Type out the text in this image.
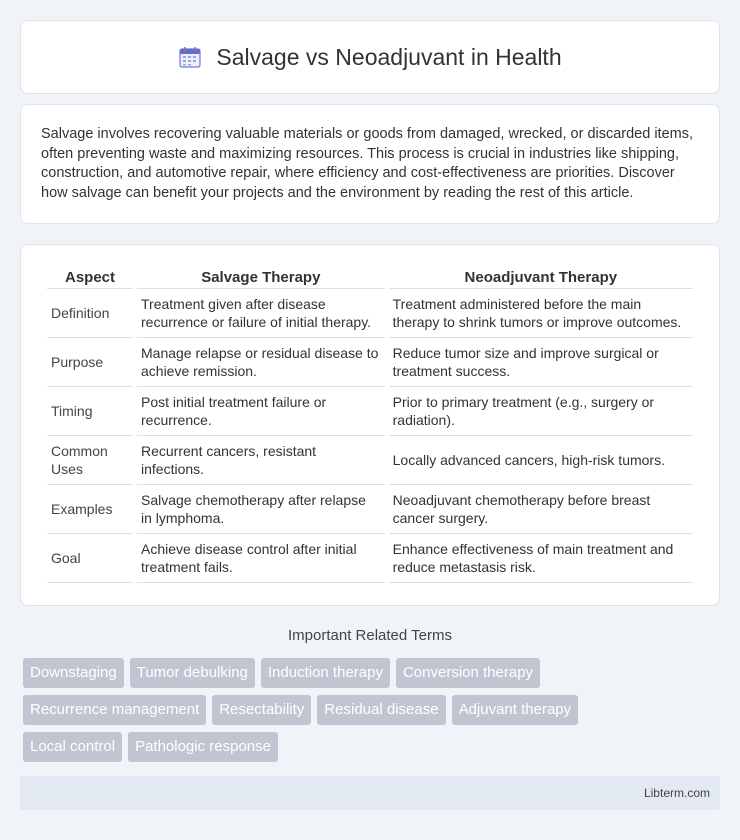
Salvage vs Neoadjuvant in Health

Salvage involves recovering valuable materials or goods from damaged, wrecked, or discarded items, often preventing waste and maximizing resources. This process is crucial in industries like shipping, construction, and automotive repair, where efficiency and cost-effectiveness are priorities. Discover how salvage can benefit your projects and the environment by reading the rest of this article.

Aspect	Salvage Therapy	Neoadjuvant Therapy
Definition	Treatment given after disease recurrence or failure of initial therapy.	Treatment administered before the main therapy to shrink tumors or improve outcomes.
Purpose	Manage relapse or residual disease to achieve remission.	Reduce tumor size and improve surgical or treatment success.
Timing	Post initial treatment failure or recurrence.	Prior to primary treatment (e.g., surgery or radiation).
Common Uses	Recurrent cancers, resistant infections.	Locally advanced cancers, high-risk tumors.
Examples	Salvage chemotherapy after relapse in lymphoma.	Neoadjuvant chemotherapy before breast cancer surgery.
Goal	Achieve disease control after initial treatment fails.	Enhance effectiveness of main treatment and reduce metastasis risk.
Important Related Terms
Downstaging	Tumor debulking	Induction therapy	Conversion therapy
Recurrence management	Resectability	Residual disease	Adjuvant therapy
Local control	Pathologic response
Libterm.com
